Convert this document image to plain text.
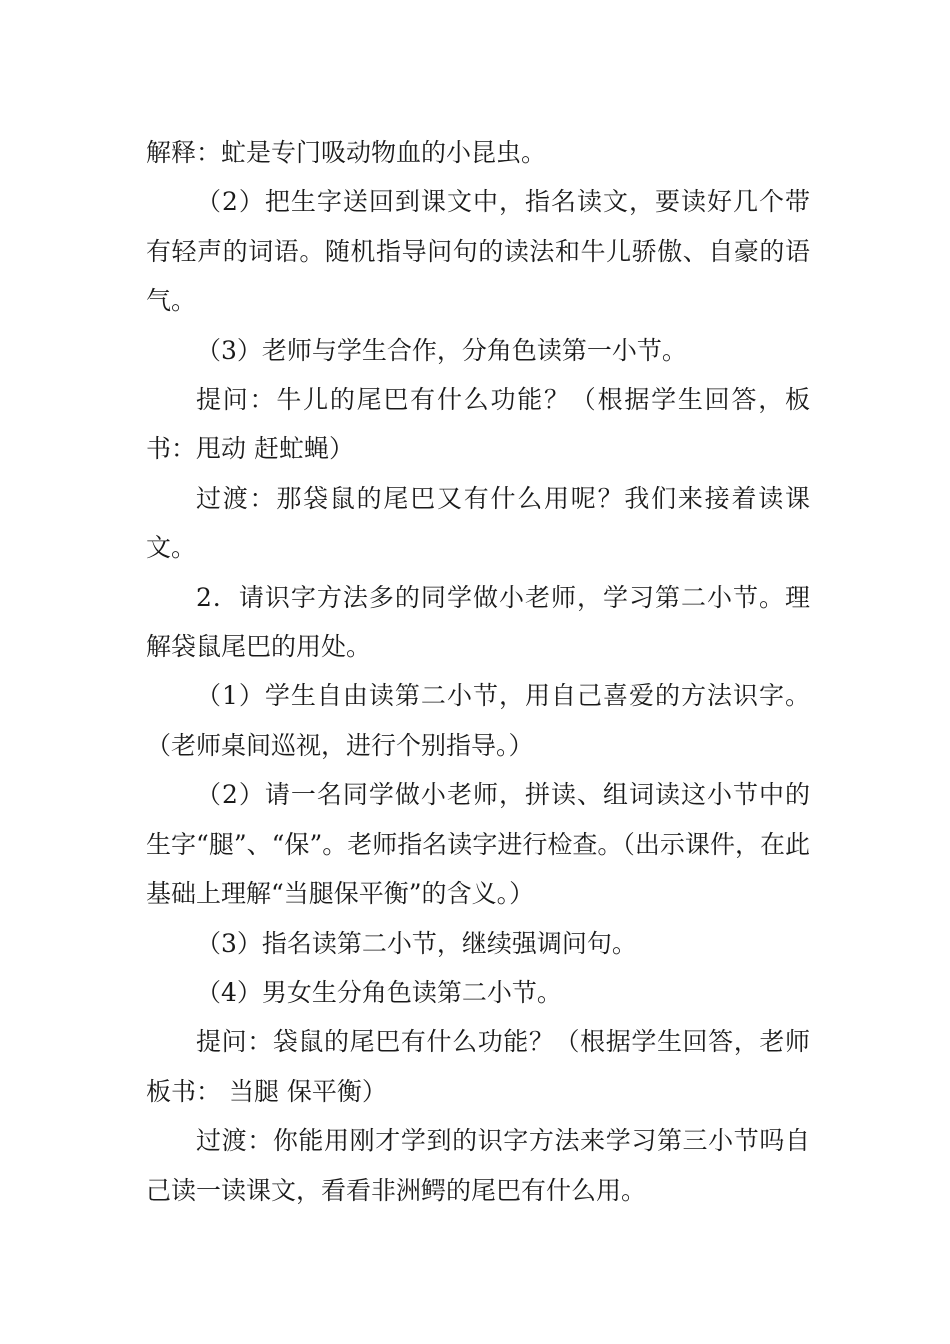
解释：虻是专门吸动物血的小昆虫。

（2）把生字送回到课文中，指名读文，要读好几个带有轻声的词语。随机指导问句的读法和牛儿骄傲、自豪的语气。

（3）老师与学生合作，分角色读第一小节。

提问：牛儿的尾巴有什么功能？（根据学生回答，板书：甩动 赶虻蝇）

过渡：那袋鼠的尾巴又有什么用呢？我们来接着读课文。

2．请识字方法多的同学做小老师，学习第二小节。理解袋鼠尾巴的用处。

（1）学生自由读第二小节，用自己喜爱的方法识字。（老师桌间巡视，进行个别指导。）

（2）请一名同学做小老师，拼读、组词读这小节中的生字“腿”、“保”。老师指名读字进行检查。（出示课件，在此基础上理解“当腿保平衡”的含义。）

（3）指名读第二小节，继续强调问句。

（4）男女生分角色读第二小节。

提问：袋鼠的尾巴有什么功能？（根据学生回答，老师板书： 当腿 保平衡）

过渡：你能用刚才学到的识字方法来学习第三小节吗自己读一读课文，看看非洲鳄的尾巴有什么用。
